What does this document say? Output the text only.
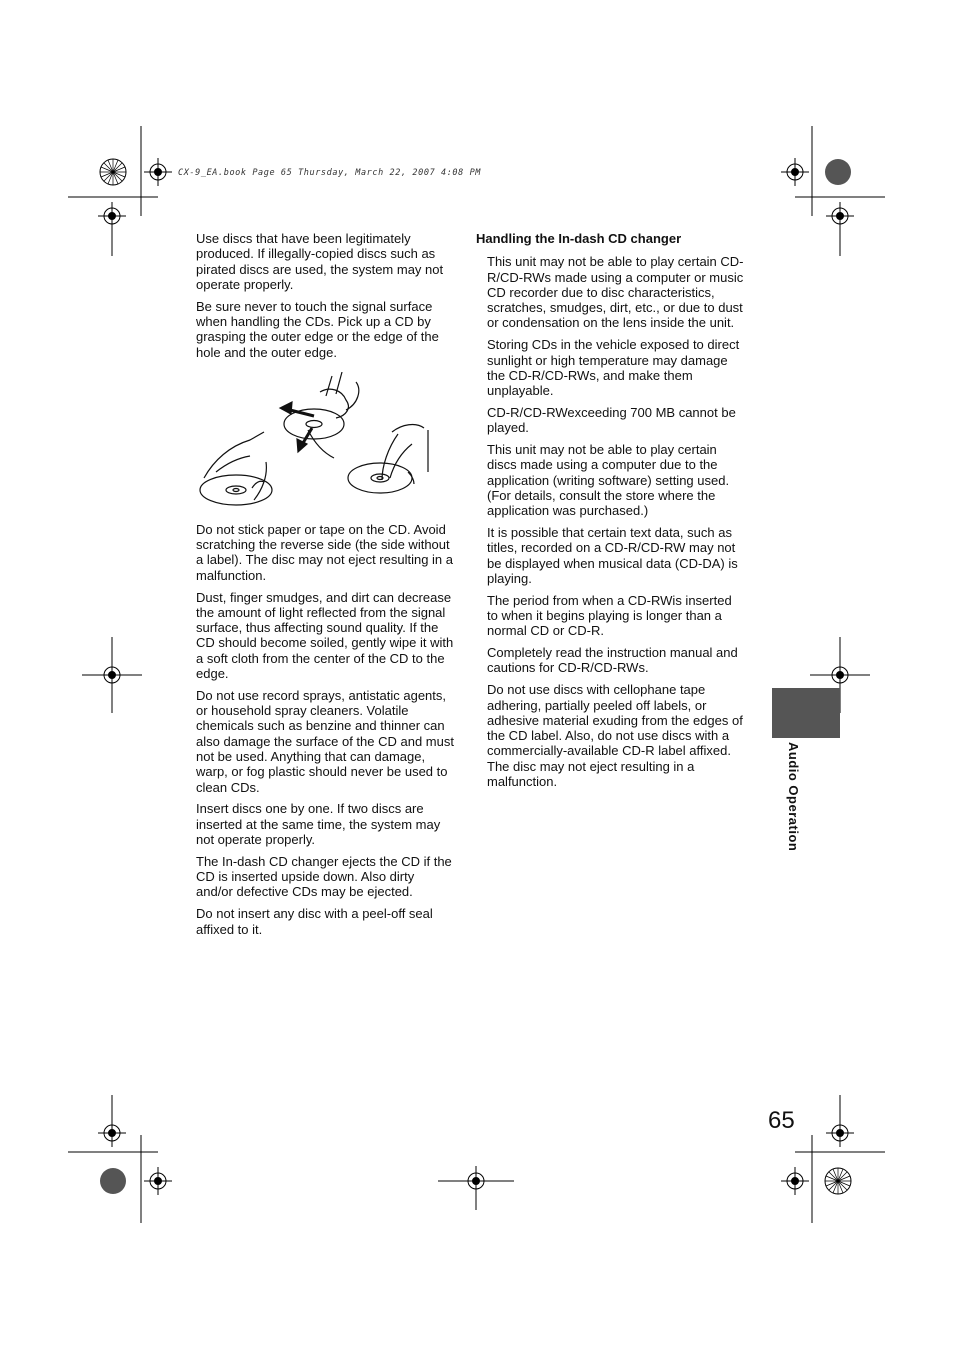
CX-9_EA.book Page 65 Thursday, March 22, 2007 4:08 PM

Use discs that have been legitimately produced. If illegally-copied discs such as pirated discs are used, the system may not operate properly.

Be sure never to touch the signal surface when handling the CDs. Pick up a CD by grasping the outer edge or the edge of the hole and the outer edge.

Do not stick paper or tape on the CD. Avoid scratching the reverse side (the side without a label). The disc may not eject resulting in a malfunction.

Dust, finger smudges, and dirt can decrease the amount of light reflected from the signal surface, thus affecting sound quality. If the CD should become soiled, gently wipe it with a soft cloth from the center of the CD to the edge.

Do not use record sprays, antistatic agents, or household spray cleaners. Volatile chemicals such as benzine and thinner can also damage the surface of the CD and must not be used. Anything that can damage, warp, or fog plastic should never be used to clean CDs.

Insert discs one by one. If two discs are inserted at the same time, the system may not operate properly.

The In-dash CD changer ejects the CD if the CD is inserted upside down. Also dirty and/or defective CDs may be ejected.

Do not insert any disc with a peel-off seal affixed to it.

Handling the In-dash CD changer

This unit may not be able to play certain CD-R/CD-RWs made using a computer or music CD recorder due to disc characteristics, scratches, smudges, dirt, etc., or due to dust or condensation on the lens inside the unit.

Storing CDs in the vehicle exposed to direct sunlight or high temperature may damage the CD-R/CD-RWs, and make them unplayable.

CD-R/CD-RWexceeding 700 MB cannot be played.

This unit may not be able to play certain discs made using a computer due to the application (writing software) setting used. (For details, consult the store where the application was purchased.)

It is possible that certain text data, such as titles, recorded on a CD-R/CD-RW may not be displayed when musical data (CD-DA) is playing.

The period from when a CD-RWis inserted to when it begins playing is longer than a normal CD or CD-R.

Completely read the instruction manual and cautions for CD-R/CD-RWs.

Do not use discs with cellophane tape adhering, partially peeled off labels, or adhesive material exuding from the edges of the CD label. Also, do not use discs with a commercially-available CD-R label affixed. The disc may not eject resulting in a malfunction.	Audio Operation
65
